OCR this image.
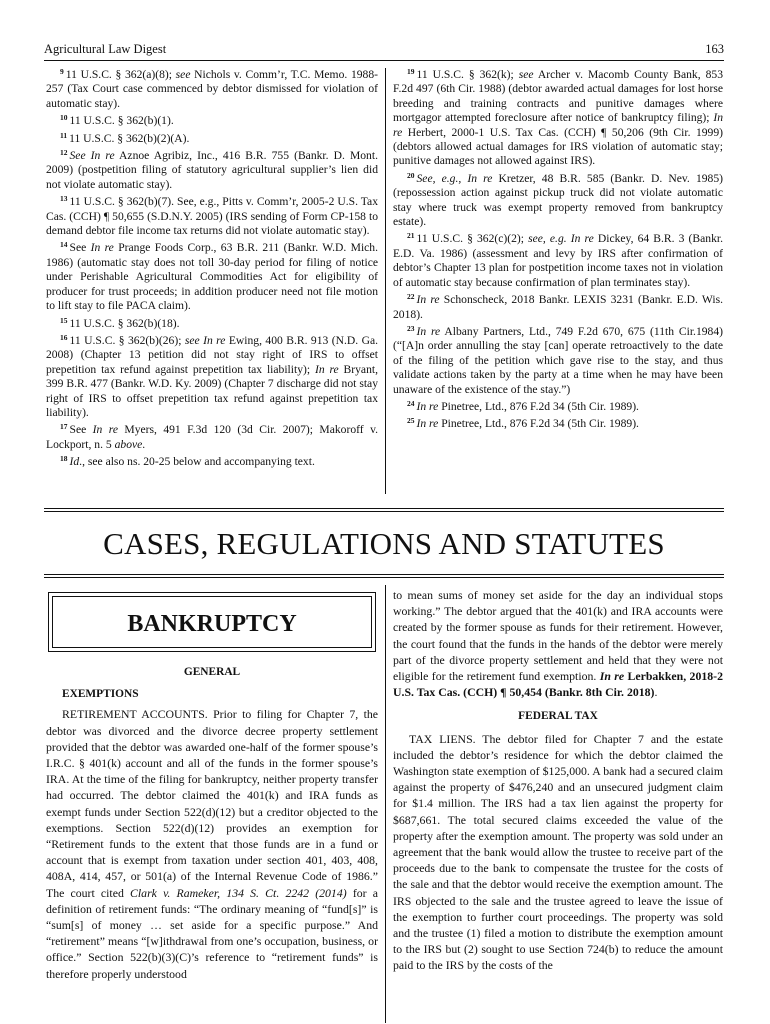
Agricultural Law Digest	163

$^9$ 11 U.S.C. § 362(a)(8); see Nichols v. Comm’r, T.C. Memo. 1988-257 (Tax Court case commenced by debtor dismissed for violation of automatic stay).

$^{10}$ 11 U.S.C. § 362(b)(1).

$^{11}$ 11 U.S.C. § 362(b)(2)(A).

$^{12}$ See In re Aznoe Agribiz, Inc., 416 B.R. 755 (Bankr. D. Mont. 2009) (postpetition filing of statutory agricultural supplier’s lien did not violate automatic stay).

$^{13}$ 11 U.S.C. § 362(b)(7). See, e.g., Pitts v. Comm’r, 2005-2 U.S. Tax Cas. (CCH) ¶ 50,655 (S.D.N.Y. 2005) (IRS sending of Form CP-158 to demand debtor file income tax returns did not violate automatic stay).

$^{14}$ See In re Prange Foods Corp., 63 B.R. 211 (Bankr. W.D. Mich. 1986) (automatic stay does not toll 30-day period for filing of notice under Perishable Agricultural Commodities Act for eligibility of producer for trust proceeds; in addition producer need not file motion to lift stay to file PACA claim).

$^{15}$ 11 U.S.C. § 362(b)(18).

$^{16}$ 11 U.S.C. § 362(b)(26); see In re Ewing, 400 B.R. 913 (N.D. Ga. 2008) (Chapter 13 petition did not stay right of IRS to offset prepetition tax refund against prepetition tax liability); In re Bryant, 399 B.R. 477 (Bankr. W.D. Ky. 2009) (Chapter 7 discharge did not stay right of IRS to offset prepetition tax refund against prepetition tax liability).

$^{17}$ See In re Myers, 491 F.3d 120 (3d Cir. 2007); Makoroff v. Lockport, n. 5 above.

$^{18}$ Id., see also ns. 20-25 below and accompanying text.

$^{19}$ 11 U.S.C. § 362(k); see Archer v. Macomb County Bank, 853 F.2d 497 (6th Cir. 1988) (debtor awarded actual damages for lost horse breeding and training contracts and punitive damages where mortgagor attempted foreclosure after notice of bankruptcy filing); In re Herbert, 2000-1 U.S. Tax Cas. (CCH) ¶ 50,206 (9th Cir. 1999) (debtors allowed actual damages for IRS violation of automatic stay; punitive damages not allowed against IRS).

$^{20}$ See, e.g., In re Kretzer, 48 B.R. 585 (Bankr. D. Nev. 1985) (repossession action against pickup truck did not violate automatic stay where truck was exempt property removed from bankruptcy estate).

$^{21}$ 11 U.S.C. § 362(c)(2); see, e.g. In re Dickey, 64 B.R. 3 (Bankr. E.D. Va. 1986) (assessment and levy by IRS after confirmation of debtor’s Chapter 13 plan for postpetition income taxes not in violation of automatic stay because confirmation of plan terminates stay).

$^{22}$ In re Schonscheck, 2018 Bankr. LEXIS 3231 (Bankr. E.D. Wis. 2018).

$^{23}$ In re Albany Partners, Ltd., 749 F.2d 670, 675 (11th Cir.1984) (“[A]n order annulling the stay [can] operate retroactively to the date of the filing of the petition which gave rise to the stay, and thus validate actions taken by the party at a time when he may have been unaware of the existence of the stay.”)

$^{24}$ In re Pinetree, Ltd., 876 F.2d 34 (5th Cir. 1989).

$^{25}$ In re Pinetree, Ltd., 876 F.2d 34 (5th Cir. 1989).

CASES, REGULATIONS AND STATUTES
BANKRUPTCY
GENERAL
EXEMPTIONS

RETIREMENT ACCOUNTS. Prior to filing for Chapter 7, the debtor was divorced and the divorce decree property settlement provided that the debtor was awarded one-half of the former spouse’s I.R.C. § 401(k) account and all of the funds in the former spouse’s IRA. At the time of the filing for bankruptcy, neither property transfer had occurred. The debtor claimed the 401(k) and IRA funds as exempt funds under Section 522(d)(12) but a creditor objected to the exemptions. Section 522(d)(12) provides an exemption for “Retirement funds to the extent that those funds are in a fund or account that is exempt from taxation under section 401, 403, 408, 408A, 414, 457, or 501(a) of the Internal Revenue Code of 1986.” The court cited Clark v. Rameker, 134 S. Ct. 2242 (2014) for a definition of retirement funds: “The ordinary meaning of “fund[s]” is “sum[s] of money … set aside for a specific purpose.” And “retirement” means “[w]ithdrawal from one’s occupation, business, or office.” Section 522(b)(3)(C)’s reference to “retirement funds” is therefore properly understood

to mean sums of money set aside for the day an individual stops working.” The debtor argued that the 401(k) and IRA accounts were created by the former spouse as funds for their retirement. However, the court found that the funds in the hands of the debtor were merely part of the divorce property settlement and held that they were not eligible for the retirement fund exemption. In re Lerbakken, 2018-2 U.S. Tax Cas. (CCH) ¶ 50,454 (Bankr. 8th Cir. 2018).

FEDERAL TAX

TAX LIENS. The debtor filed for Chapter 7 and the estate included the debtor’s residence for which the debtor claimed the Washington state exemption of $125,000. A bank had a secured claim against the property of $476,240 and an unsecured judgment claim for $1.4 million. The IRS had a tax lien against the property for $687,661. The total secured claims exceeded the value of the property after the exemption amount. The property was sold under an agreement that the bank would allow the trustee to receive part of the proceeds due to the bank to compensate the trustee for the costs of the sale and that the debtor would receive the exemption amount. The IRS objected to the sale and the trustee agreed to leave the issue of the exemption to further court proceedings. The property was sold and the trustee (1) filed a motion to distribute the exemption amount to the IRS but (2) sought to use Section 724(b) to reduce the amount paid to the IRS by the costs of the
